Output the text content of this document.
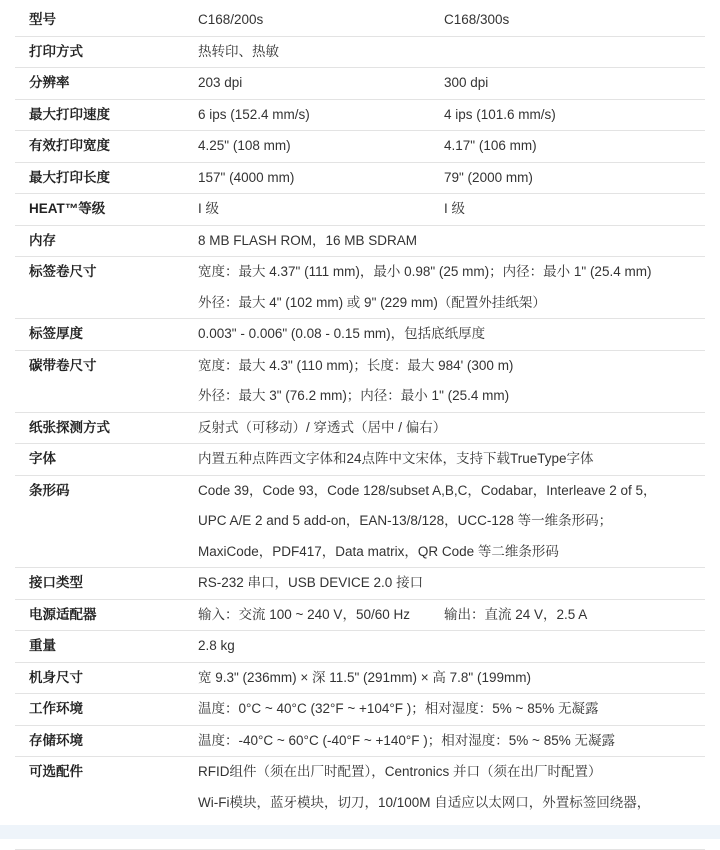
型号	C168/200s	C168/300s
打印方式	热转印、热敏
分辨率	203 dpi	300 dpi
最大打印速度	6 ips (152.4 mm/s)	4 ips (101.6 mm/s)
有效打印宽度	4.25" (108 mm)	4.17" (106 mm)
最大打印长度	157" (4000 mm)	79" (2000 mm)
HEAT™等级	I 级	I 级
内存	8 MB FLASH ROM，16 MB SDRAM
标签卷尺寸	宽度：最大 4.37" (111 mm)，最小 0.98" (25 mm)；内径：最小 1" (25.4 mm)
外径：最大 4" (102 mm) 或 9" (229 mm)（配置外挂纸架）
标签厚度	0.003" - 0.006" (0.08 - 0.15 mm)，包括底纸厚度
碳带卷尺寸	宽度：最大 4.3" (110 mm)；长度：最大 984' (300 m)
外径：最大 3" (76.2 mm)；内径：最小 1" (25.4 mm)
纸张探测方式	反射式（可移动）/ 穿透式（居中 / 偏右）
字体	内置五种点阵西文字体和24点阵中文宋体，支持下载TrueType字体
条形码	Code 39，Code 93，Code 128/subset A,B,C，Codabar，Interleave 2 of 5，
UPC A/E 2 and 5 add-on，EAN-13/8/128，UCC-128 等一维条形码；
MaxiCode，PDF417，Data matrix，QR Code 等二维条形码
接口类型	RS-232 串口，USB DEVICE 2.0 接口
电源适配器	输入：交流 100 ~ 240 V，50/60 Hz	输出：直流 24 V，2.5 A
重量	2.8 kg
机身尺寸	宽 9.3" (236mm) × 深 11.5" (291mm) × 高 7.8" (199mm)
工作环境	温度：0°C ~ 40°C (32°F ~ +104°F )；相对湿度：5% ~ 85% 无凝露
存储环境	温度：-40°C ~ 60°C (-40°F ~ +140°F )；相对湿度：5% ~ 85% 无凝露
可选配件	RFID组件（须在出厂时配置），Centronics 并口（须在出厂时配置）
Wi-Fi模块，蓝牙模块，切刀，10/100M 自适应以太网口，外置标签回绕器，
